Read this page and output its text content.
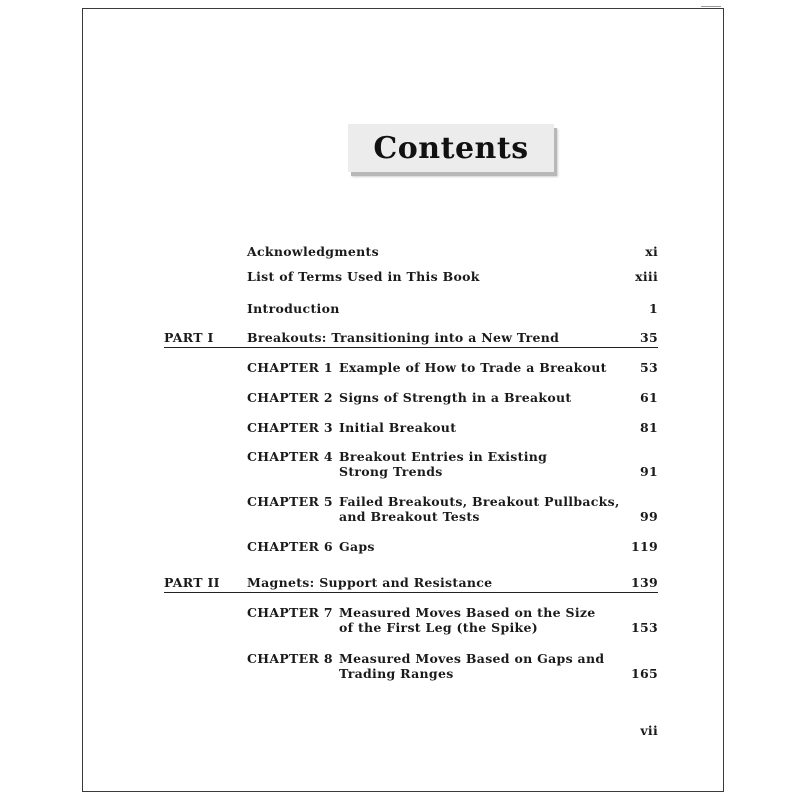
Contents
Acknowledgments	xi
List of Terms Used in This Book	xiii
Introduction	1
PART I	Breakouts: Transitioning into a New Trend	35
CHAPTER 1 Example of How to Trade a Breakout	53
CHAPTER 2 Signs of Strength in a Breakout	61
CHAPTER 3 Initial Breakout	81
CHAPTER 4 Breakout Entries in Existing
Strong Trends	91
CHAPTER 5 Failed Breakouts, Breakout Pullbacks,
and Breakout Tests	99
CHAPTER 6 Gaps	119
PART II Magnets: Support and Resistance	139
CHAPTER 7 Measured Moves Based on the Size
of the First Leg (the Spike)	153
CHAPTER 8 Measured Moves Based on Gaps and
Trading Ranges	165
vii
